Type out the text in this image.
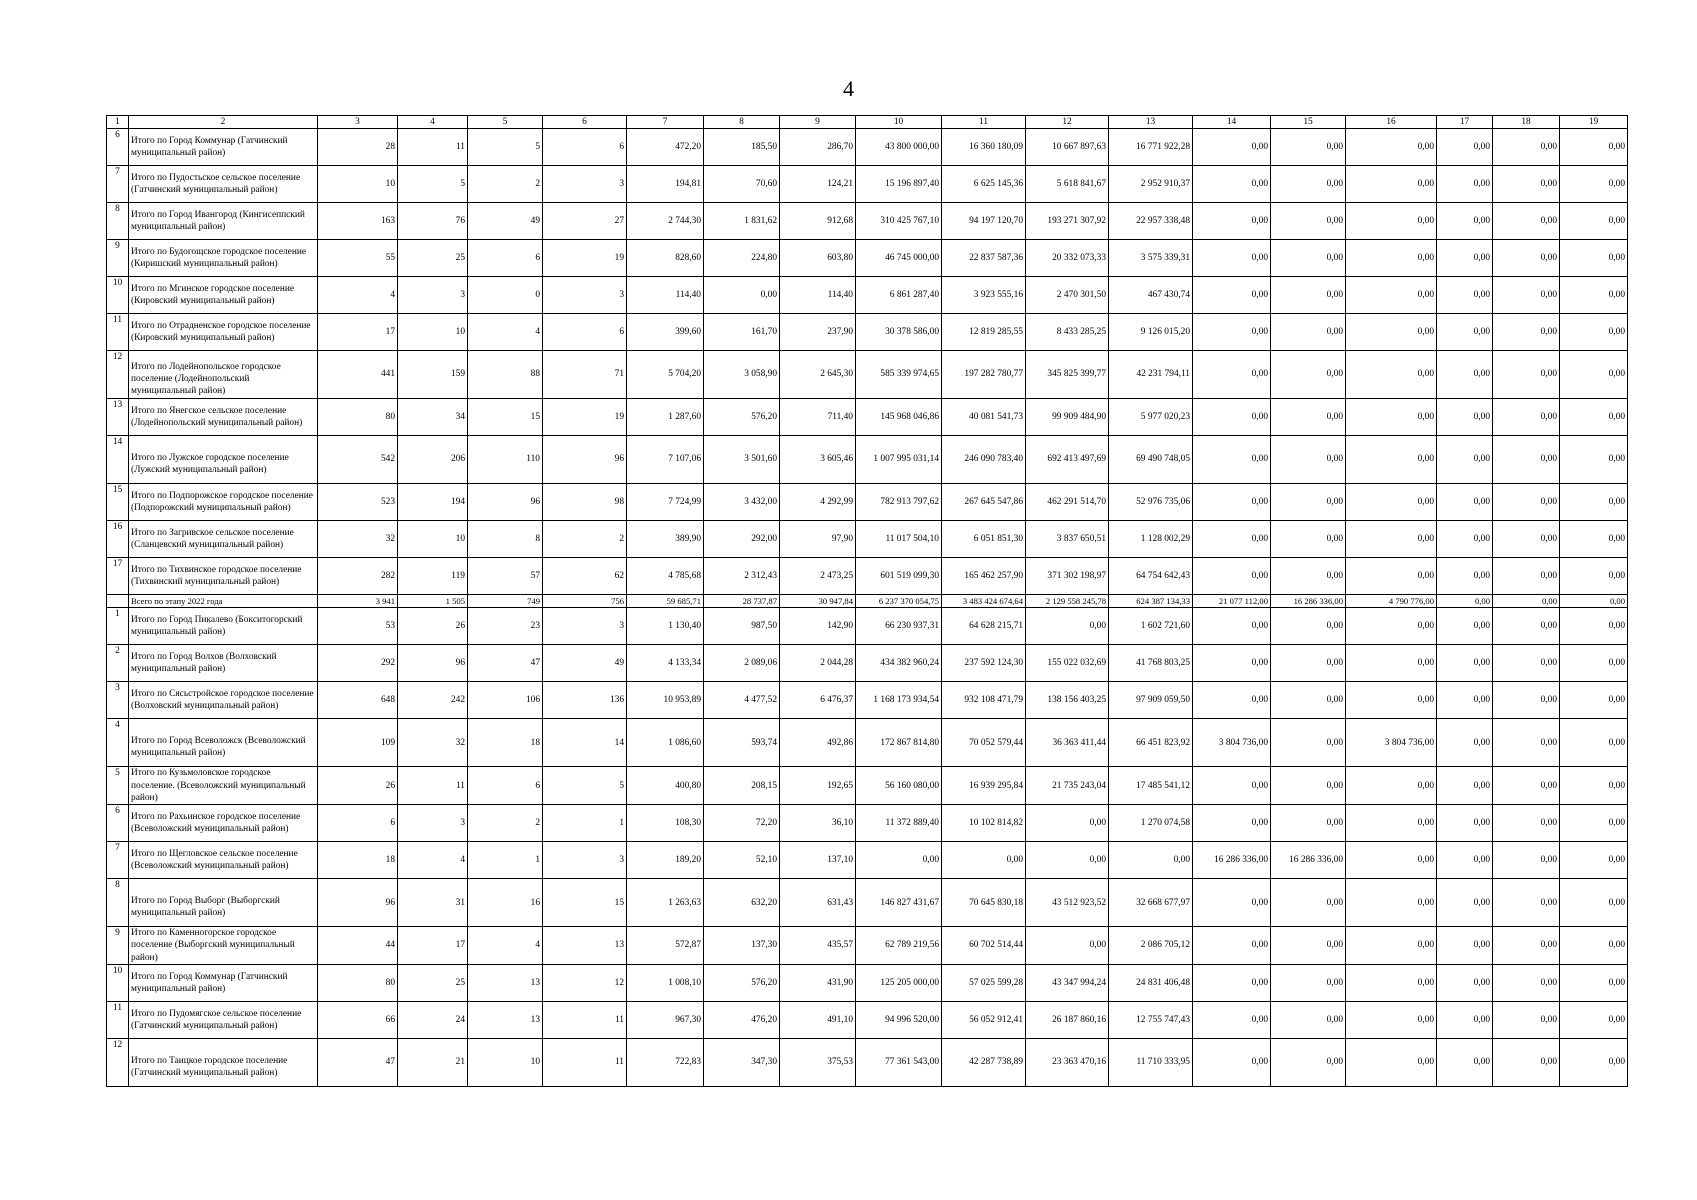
4
1	2	3	4	5	6	7	8	9	10	11	12	13	14	15	16	17	18	19
6	Итого по Город Коммунар (Гатчинский муниципальный район)	28	11	5	6	472,20	185,50	286,70	43 800 000,00	16 360 180,09	10 667 897,63	16 771 922,28	0,00	0,00	0,00	0,00	0,00	0,00
7	Итого по Пудостьское сельское поселение (Гатчинский муниципальный район)	10	5	2	3	194,81	70,60	124,21	15 196 897,40	6 625 145,36	5 618 841,67	2 952 910,37	0,00	0,00	0,00	0,00	0,00	0,00
8	Итого по Город Ивангород (Кингисеппский муниципальный район)	163	76	49	27	2 744,30	1 831,62	912,68	310 425 767,10	94 197 120,70	193 271 307,92	22 957 338,48	0,00	0,00	0,00	0,00	0,00	0,00
9	Итого по Будогощское городское поселение (Киришский муниципальный район)	55	25	6	19	828,60	224,80	603,80	46 745 000,00	22 837 587,36	20 332 073,33	3 575 339,31	0,00	0,00	0,00	0,00	0,00	0,00
10	Итого по Мгинское городское поселение (Кировский муниципальный район)	4	3	0	3	114,40	0,00	114,40	6 861 287,40	3 923 555,16	2 470 301,50	467 430,74	0,00	0,00	0,00	0,00	0,00	0,00
11	Итого по Отрадненское городское поселение (Кировский муниципальный район)	17	10	4	6	399,60	161,70	237,90	30 378 586,00	12 819 285,55	8 433 285,25	9 126 015,20	0,00	0,00	0,00	0,00	0,00	0,00
12	Итого по Лодейнопольское городское поселение (Лодейнопольский муниципальный район)	441	159	88	71	5 704,20	3 058,90	2 645,30	585 339 974,65	197 282 780,77	345 825 399,77	42 231 794,11	0,00	0,00	0,00	0,00	0,00	0,00
13	Итого по Янегское сельское поселение (Лодейнопольский муниципальный район)	80	34	15	19	1 287,60	576,20	711,40	145 968 046,86	40 081 541,73	99 909 484,90	5 977 020,23	0,00	0,00	0,00	0,00	0,00	0,00
14	Итого по Лужское городское поселение (Лужский муниципальный район)	542	206	110	96	7 107,06	3 501,60	3 605,46	1 007 995 031,14	246 090 783,40	692 413 497,69	69 490 748,05	0,00	0,00	0,00	0,00	0,00	0,00
15	Итого по Подпорожское городское поселение (Подпорожский муниципальный район)	523	194	96	98	7 724,99	3 432,00	4 292,99	782 913 797,62	267 645 547,86	462 291 514,70	52 976 735,06	0,00	0,00	0,00	0,00	0,00	0,00
16	Итого по Загривское сельское поселение (Сланцевский муниципальный район)	32	10	8	2	389,90	292,00	97,90	11 017 504,10	6 051 851,30	3 837 650,51	1 128 002,29	0,00	0,00	0,00	0,00	0,00	0,00
17	Итого по Тихвинское городское поселение (Тихвинский муниципальный район)	282	119	57	62	4 785,68	2 312,43	2 473,25	601 519 099,30	165 462 257,90	371 302 198,97	64 754 642,43	0,00	0,00	0,00	0,00	0,00	0,00
	Всего по этапу 2022 года	3 941	1 505	749	756	59 685,71	28 737,87	30 947,84	6 237 370 054,75	3 483 424 674,64	2 129 558 245,78	624 387 134,33	21 077 112,00	16 286 336,00	4 790 776,00	0,00	0,00	0,00
1	Итого по Город Пикалево (Бокситогорский муниципальный район)	53	26	23	3	1 130,40	987,50	142,90	66 230 937,31	64 628 215,71	0,00	1 602 721,60	0,00	0,00	0,00	0,00	0,00	0,00
2	Итого по Город Волхов (Волховский муниципальный район)	292	96	47	49	4 133,34	2 089,06	2 044,28	434 382 960,24	237 592 124,30	155 022 032,69	41 768 803,25	0,00	0,00	0,00	0,00	0,00	0,00
3	Итого по Сясьстройское городское поселение (Волховский муниципальный район)	648	242	106	136	10 953,89	4 477,52	6 476,37	1 168 173 934,54	932 108 471,79	138 156 403,25	97 909 059,50	0,00	0,00	0,00	0,00	0,00	0,00
4	Итого по Город Всеволожск (Всеволожский муниципальный район)	109	32	18	14	1 086,60	593,74	492,86	172 867 814,80	70 052 579,44	36 363 411,44	66 451 823,92	3 804 736,00	0,00	3 804 736,00	0,00	0,00	0,00
5	Итого по Кузьмоловское городское поселение. (Всеволожский муниципальный район)	26	11	6	5	400,80	208,15	192,65	56 160 080,00	16 939 295,84	21 735 243,04	17 485 541,12	0,00	0,00	0,00	0,00	0,00	0,00
6	Итого по Рахьинское городское поселение (Всеволожский муниципальный район)	6	3	2	1	108,30	72,20	36,10	11 372 889,40	10 102 814,82	0,00	1 270 074,58	0,00	0,00	0,00	0,00	0,00	0,00
7	Итого по Щегловское сельское поселение (Всеволожский муниципальный район)	18	4	1	3	189,20	52,10	137,10	0,00	0,00	0,00	0,00	16 286 336,00	16 286 336,00	0,00	0,00	0,00	0,00
8	Итого по Город Выборг (Выборгский муниципальный район)	96	31	16	15	1 263,63	632,20	631,43	146 827 431,67	70 645 830,18	43 512 923,52	32 668 677,97	0,00	0,00	0,00	0,00	0,00	0,00
9	Итого по Каменногорское городское поселение (Выборгский муниципальный район)	44	17	4	13	572,87	137,30	435,57	62 789 219,56	60 702 514,44	0,00	2 086 705,12	0,00	0,00	0,00	0,00	0,00	0,00
10	Итого по Город Коммунар (Гатчинский муниципальный район)	80	25	13	12	1 008,10	576,20	431,90	125 205 000,00	57 025 599,28	43 347 994,24	24 831 406,48	0,00	0,00	0,00	0,00	0,00	0,00
11	Итого по Пудомягское сельское поселение (Гатчинский муниципальный район)	66	24	13	11	967,30	476,20	491,10	94 996 520,00	56 052 912,41	26 187 860,16	12 755 747,43	0,00	0,00	0,00	0,00	0,00	0,00
12	Итого по Таицкое городское поселение (Гатчинский муниципальный район)	47	21	10	11	722,83	347,30	375,53	77 361 543,00	42 287 738,89	23 363 470,16	11 710 333,95	0,00	0,00	0,00	0,00	0,00	0,00
